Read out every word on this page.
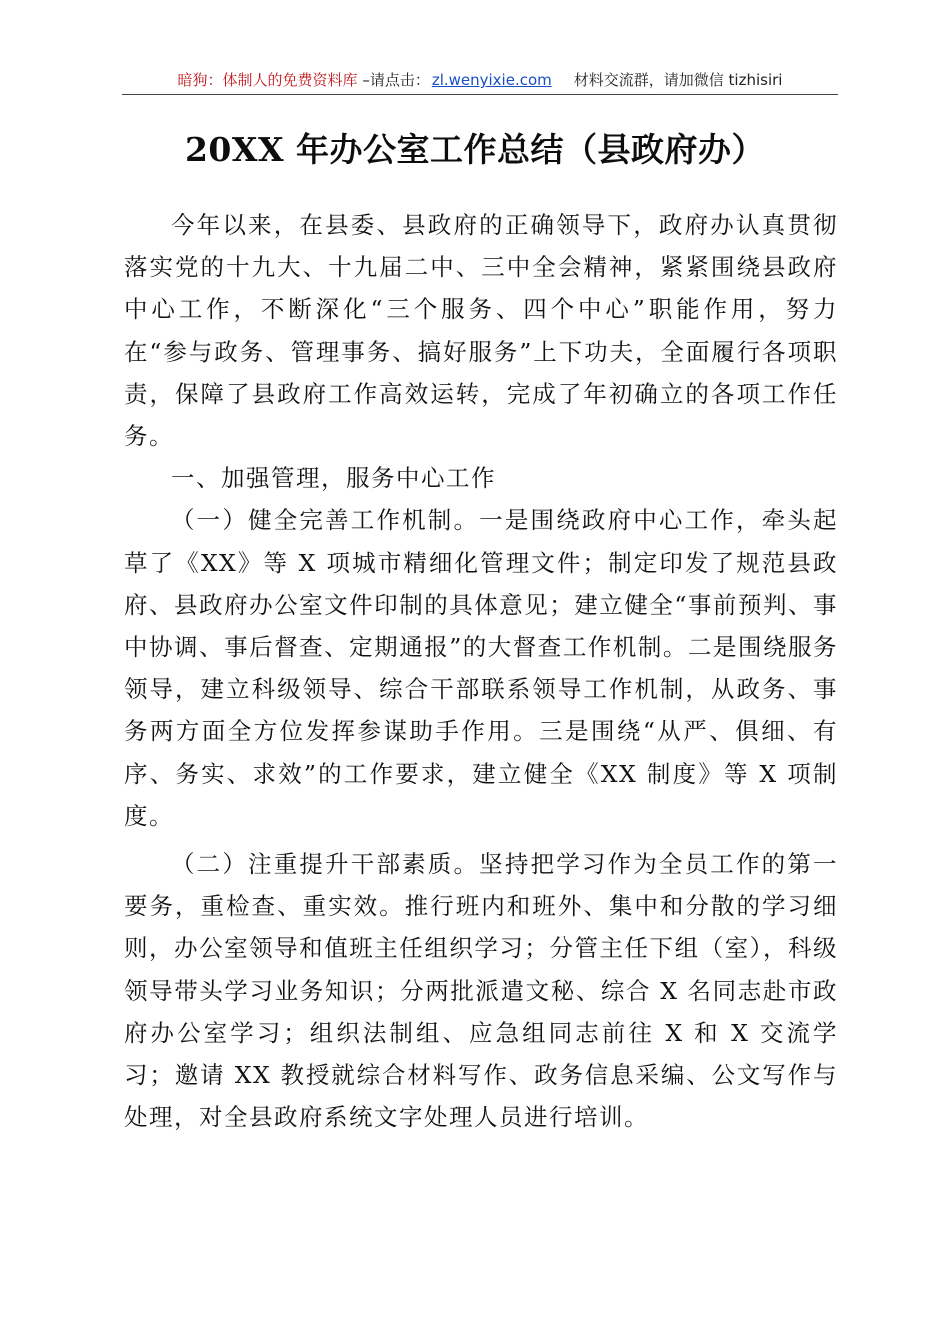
暗狗：体制人的免费资料库 –请点击： zl.wenyixie.com 材料交流群，请加微信 tizhisiri
20XX 年办公室工作总结（县政府办）

今年以来，在县委、县政府的正确领导下，政府办认真贯彻落实党的十九大、十九届二中、三中全会精神，紧紧围绕县政府中心工作，不断深化“三个服务、四个中心”职能作用，努力在“参与政务、管理事务、搞好服务”上下功夫，全面履行各项职责，保障了县政府工作高效运转，完成了年初确立的各项工作任务。

一、加强管理，服务中心工作

（一）健全完善工作机制。一是围绕政府中心工作，牵头起草了《XX》等 X 项城市精细化管理文件；制定印发了规范县政府、县政府办公室文件印制的具体意见；建立健全“事前预判、事中协调、事后督查、定期通报”的大督查工作机制。二是围绕服务领导，建立科级领导、综合干部联系领导工作机制，从政务、事务两方面全方位发挥参谋助手作用。三是围绕“从严、俱细、有序、务实、求效”的工作要求，建立健全《XX 制度》等 X 项制度。

（二）注重提升干部素质。坚持把学习作为全员工作的第一要务，重检查、重实效。推行班内和班外、集中和分散的学习细则，办公室领导和值班主任组织学习；分管主任下组（室），科级领导带头学习业务知识；分两批派遣文秘、综合 X 名同志赴市政府办公室学习；组织法制组、应急组同志前往 X 和 X 交流学习；邀请 XX 教授就综合材料写作、政务信息采编、公文写作与处理，对全县政府系统文字处理人员进行培训。
